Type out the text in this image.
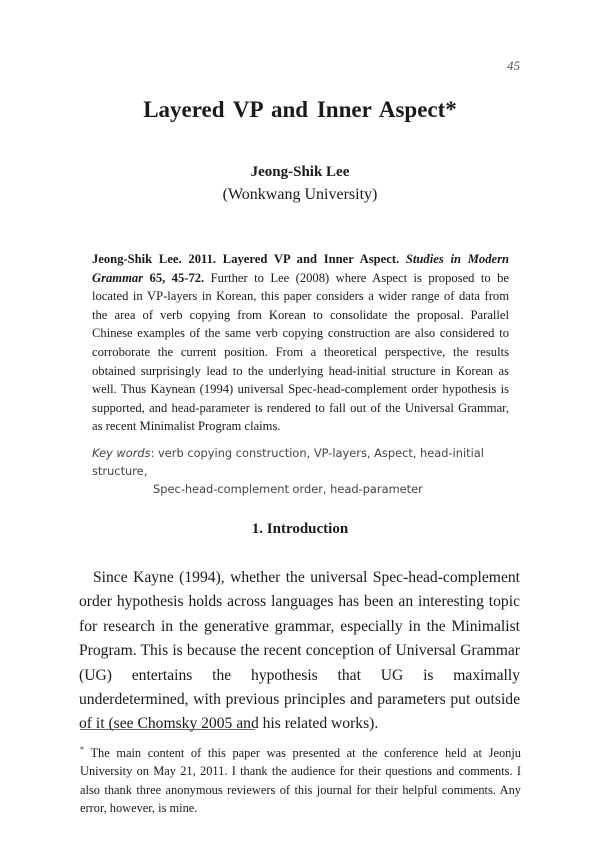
45
Layered VP and Inner Aspect*
Jeong-Shik Lee
(Wonkwang University)
Jeong-Shik Lee. 2011. Layered VP and Inner Aspect. Studies in Modern Grammar 65, 45-72. Further to Lee (2008) where Aspect is proposed to be located in VP-layers in Korean, this paper considers a wider range of data from the area of verb copying from Korean to consolidate the proposal. Parallel Chinese examples of the same verb copying construction are also considered to corroborate the current position. From a theoretical perspective, the results obtained surprisingly lead to the underlying head-initial structure in Korean as well. Thus Kaynean (1994) universal Spec-head-complement order hypothesis is supported, and head-parameter is rendered to fall out of the Universal Grammar, as recent Minimalist Program claims.
Key words: verb copying construction, VP-layers, Aspect, head-initial structure,
Spec-head-complement order, head-parameter
1. Introduction
Since Kayne (1994), whether the universal Spec-head-complement order hypothesis holds across languages has been an interesting topic for research in the generative grammar, especially in the Minimalist Program. This is because the recent conception of Universal Grammar (UG) entertains the hypothesis that UG is maximally underdetermined, with previous principles and parameters put outside of it (see Chomsky 2005 and his related works).
* The main content of this paper was presented at the conference held at Jeonju University on May 21, 2011. I thank the audience for their questions and comments. I also thank three anonymous reviewers of this journal for their helpful comments. Any error, however, is mine.
